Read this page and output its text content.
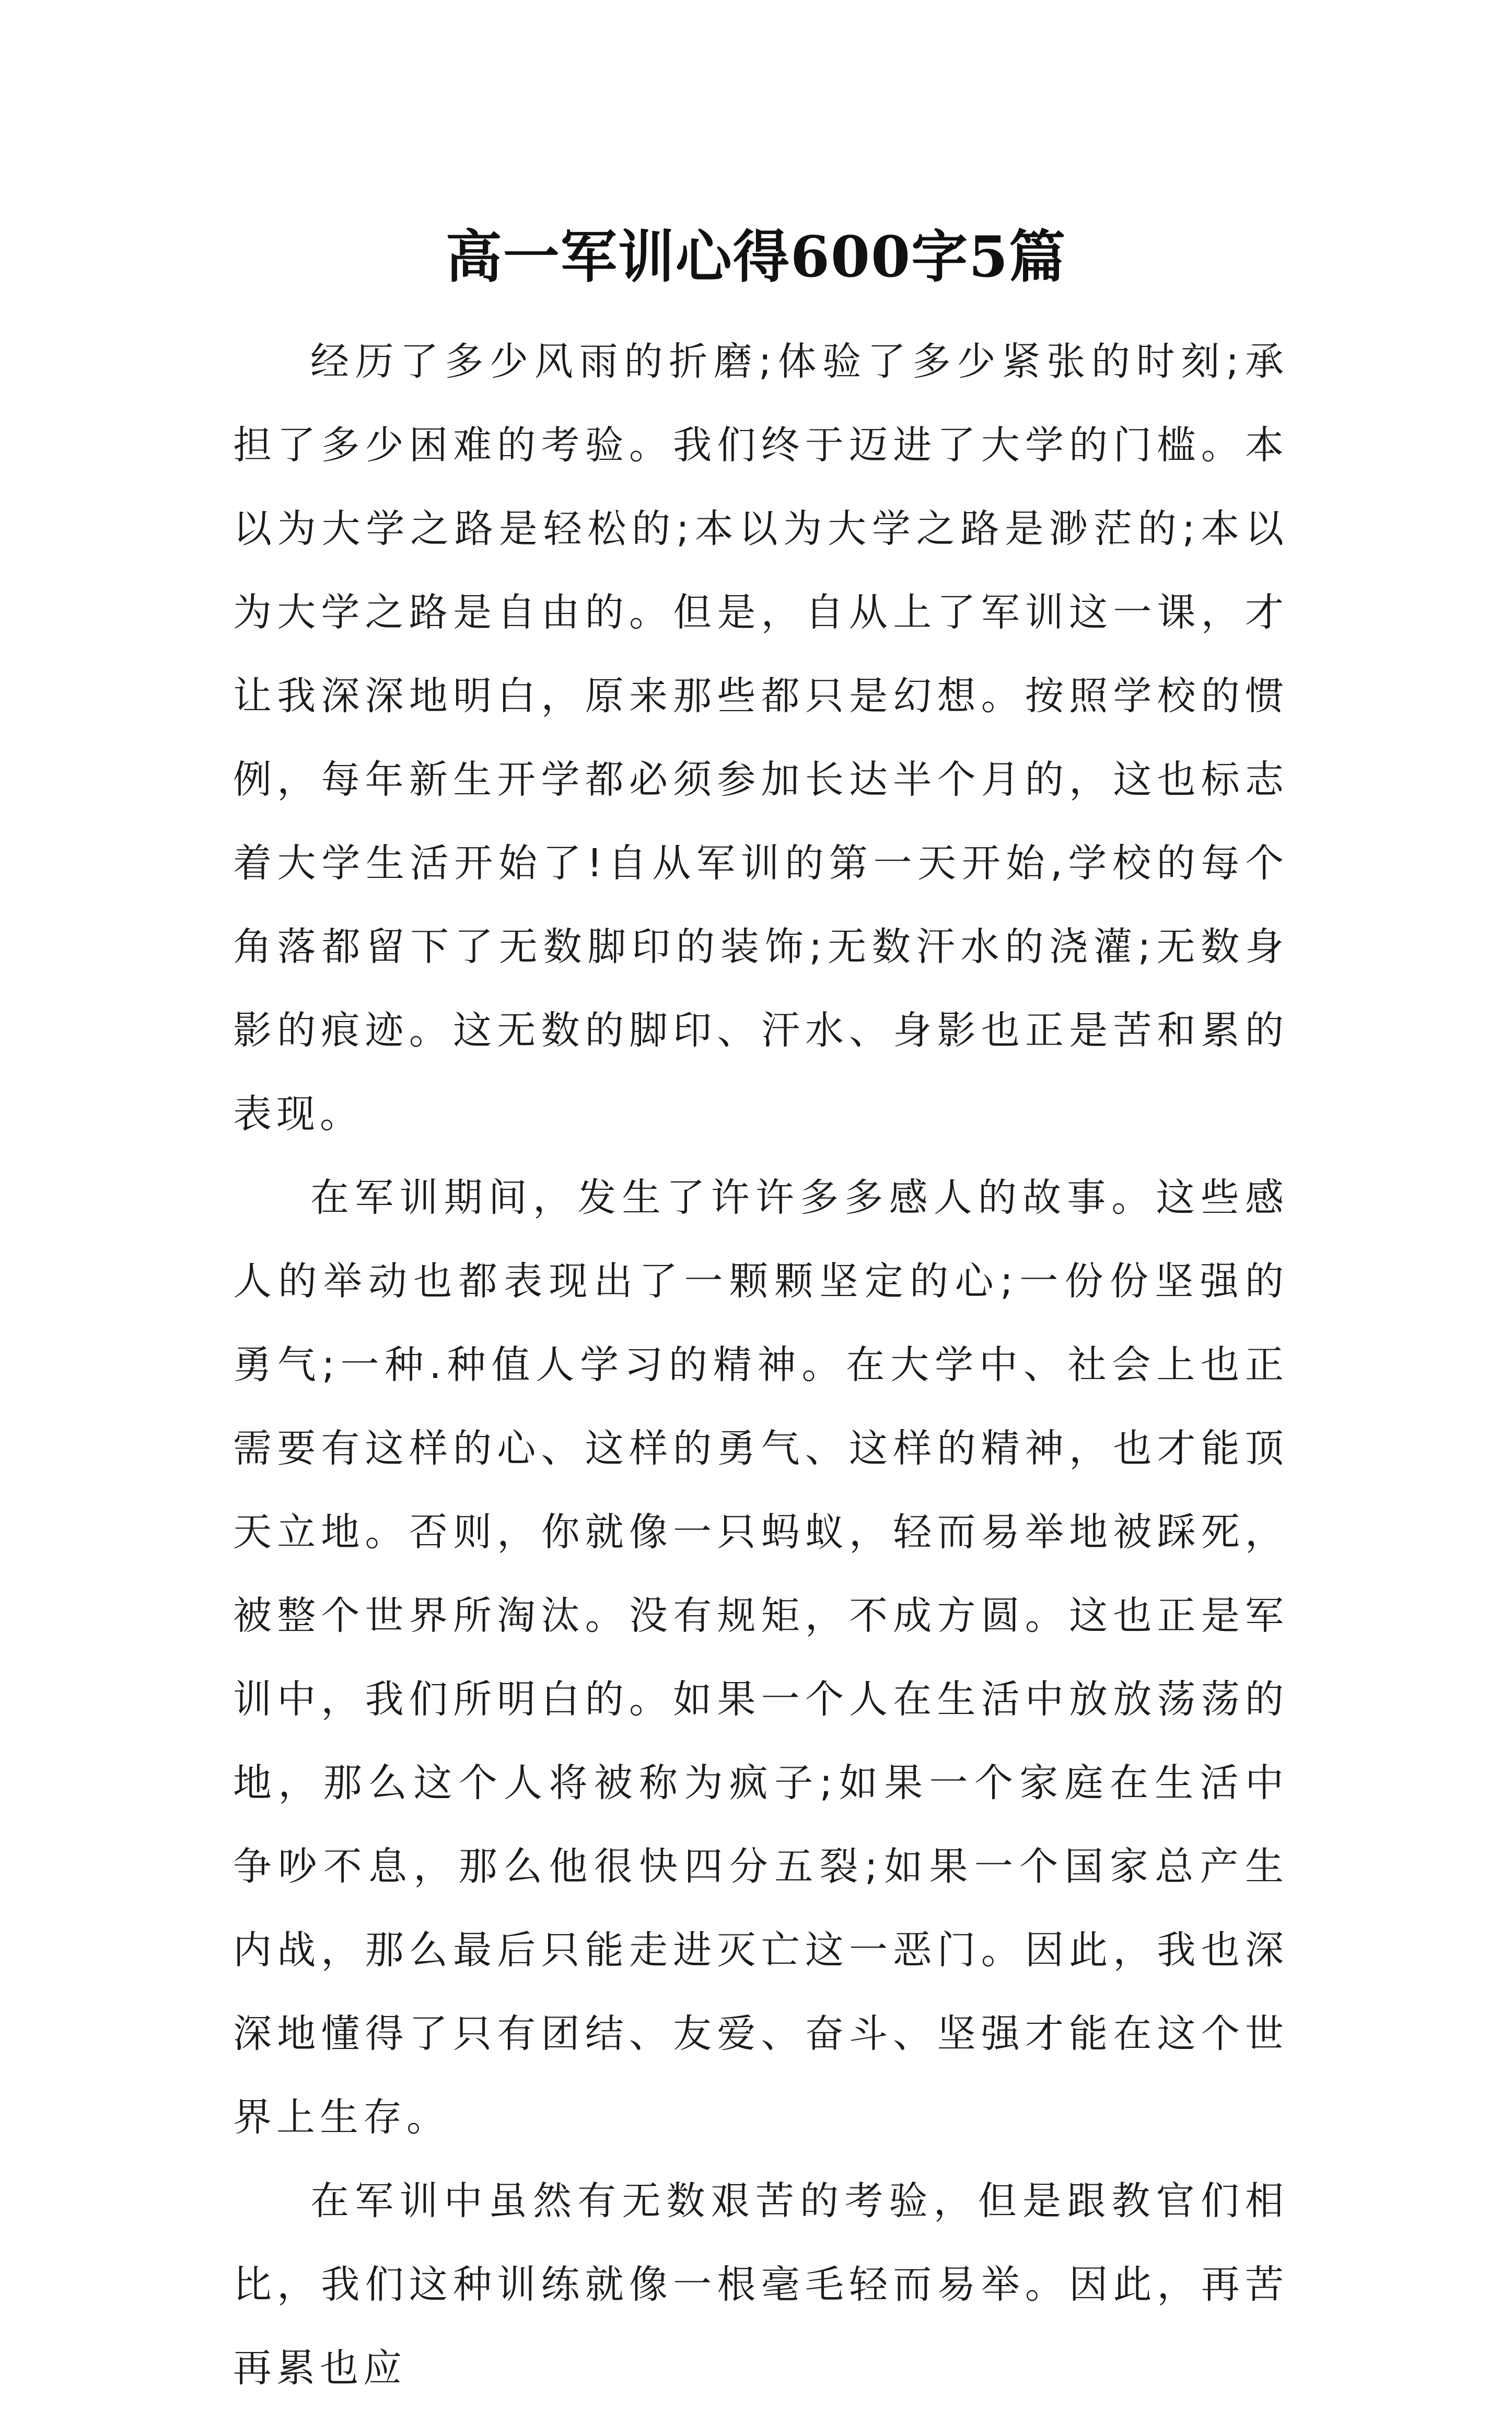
高一军训心得600字5篇

经历了多少风雨的折磨;体验了多少紧张的时刻;承担了多少困难的考验。我们终于迈进了大学的门槛。本以为大学之路是轻松的;本以为大学之路是渺茫的;本以为大学之路是自由的。但是，自从上了军训这一课，才让我深深地明白，原来那些都只是幻想。按照学校的惯例，每年新生开学都必须参加长达半个月的，这也标志着大学生活开始了!自从军训的第一天开始,学校的每个角落都留下了无数脚印的装饰;无数汗水的浇灌;无数身影的痕迹。这无数的脚印、汗水、身影也正是苦和累的表现。

在军训期间，发生了许许多多感人的故事。这些感人的举动也都表现出了一颗颗坚定的心;一份份坚强的勇气;一种.种值人学习的精神。在大学中、社会上也正需要有这样的心、这样的勇气、这样的精神，也才能顶天立地。否则，你就像一只蚂蚁，轻而易举地被踩死，被整个世界所淘汰。没有规矩，不成方圆。这也正是军训中，我们所明白的。如果一个人在生活中放放荡荡的地，那么这个人将被称为疯子;如果一个家庭在生活中争吵不息，那么他很快四分五裂;如果一个国家总产生内战，那么最后只能走进灭亡这一恶门。因此，我也深深地懂得了只有团结、友爱、奋斗、坚强才能在这个世界上生存。

在军训中虽然有无数艰苦的考验，但是跟教官们相比，我们这种训练就像一根毫毛轻而易举。因此，再苦再累也应
